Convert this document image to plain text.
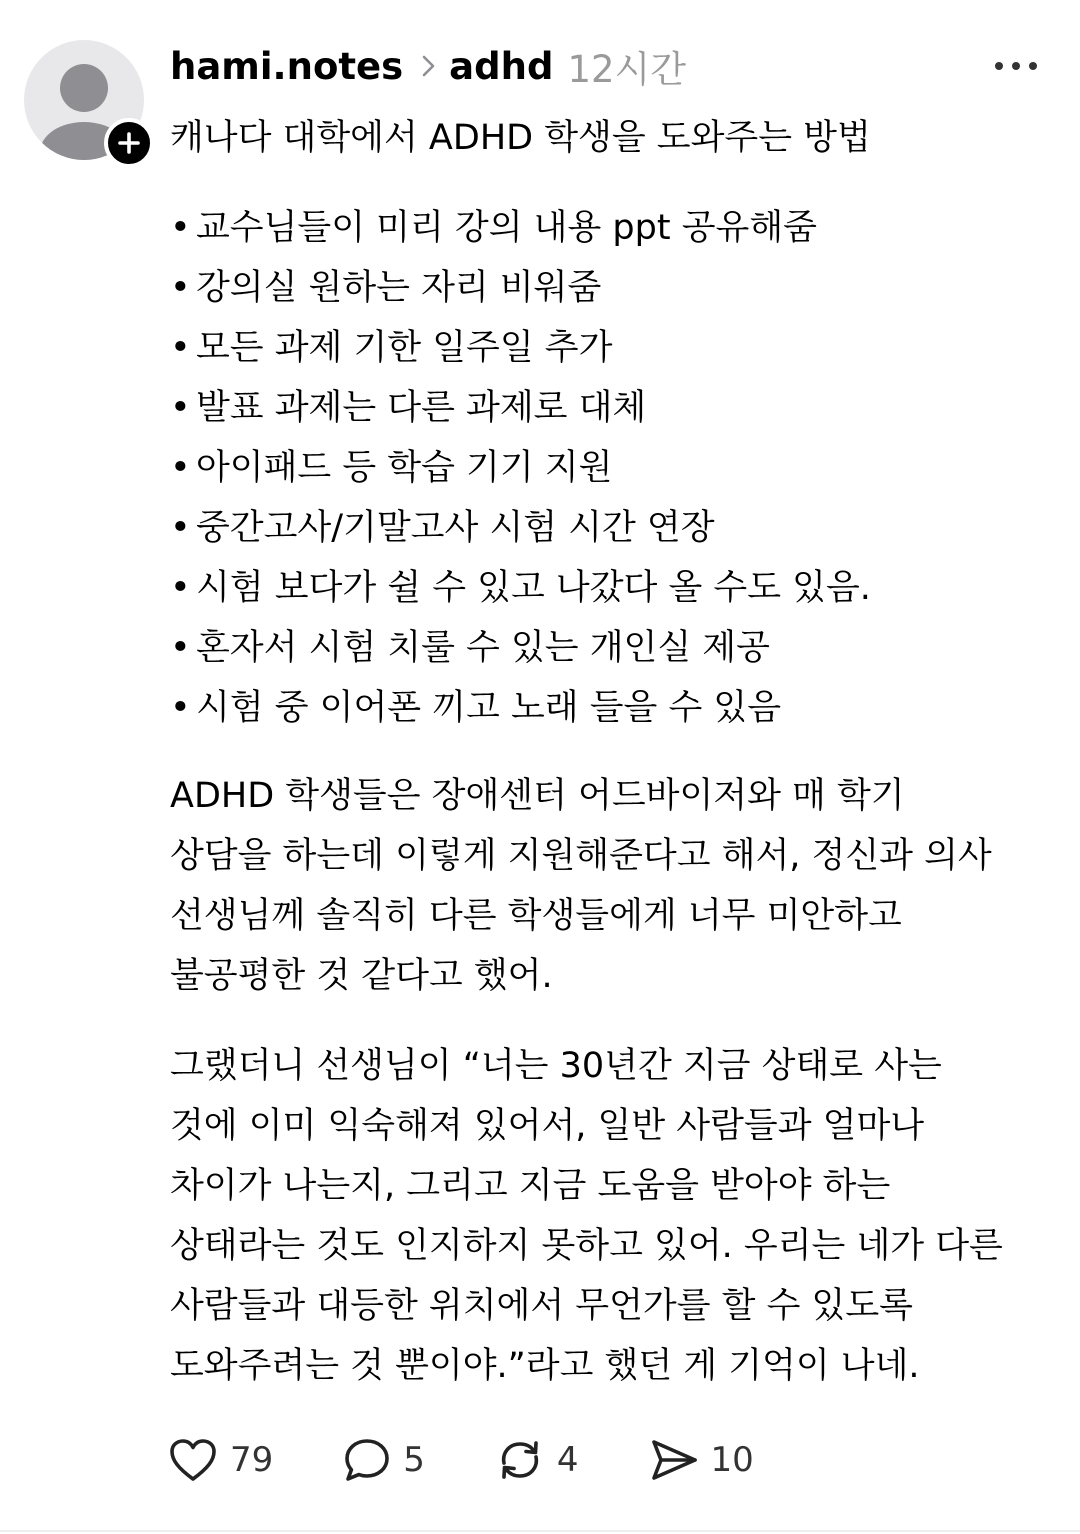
hami.notes adhd 12시간
캐나다 대학에서 ADHD 학생을 도와주는 방법
• 교수님들이 미리 강의 내용 ppt 공유해줌
• 강의실 원하는 자리 비워줌
• 모든 과제 기한 일주일 추가
• 발표 과제는 다른 과제로 대체
• 아이패드 등 학습 기기 지원
• 중간고사/기말고사 시험 시간 연장
• 시험 보다가 쉴 수 있고 나갔다 올 수도 있음.
• 혼자서 시험 치룰 수 있는 개인실 제공
• 시험 중 이어폰 끼고 노래 들을 수 있음

ADHD 학생들은 장애센터 어드바이저와 매 학기
상담을 하는데 이렇게 지원해준다고 해서, 정신과 의사
선생님께 솔직히 다른 학생들에게 너무 미안하고
불공평한 것 같다고 했어.

그랬더니 선생님이 “너는 30년간 지금 상태로 사는
것에 이미 익숙해져 있어서, 일반 사람들과 얼마나
차이가 나는지, 그리고 지금 도움을 받아야 하는
상태라는 것도 인지하지 못하고 있어. 우리는 네가 다른
사람들과 대등한 위치에서 무언가를 할 수 있도록
도와주려는 것 뿐이야.”라고 했던 게 기억이 나네.

79	5	4	10
